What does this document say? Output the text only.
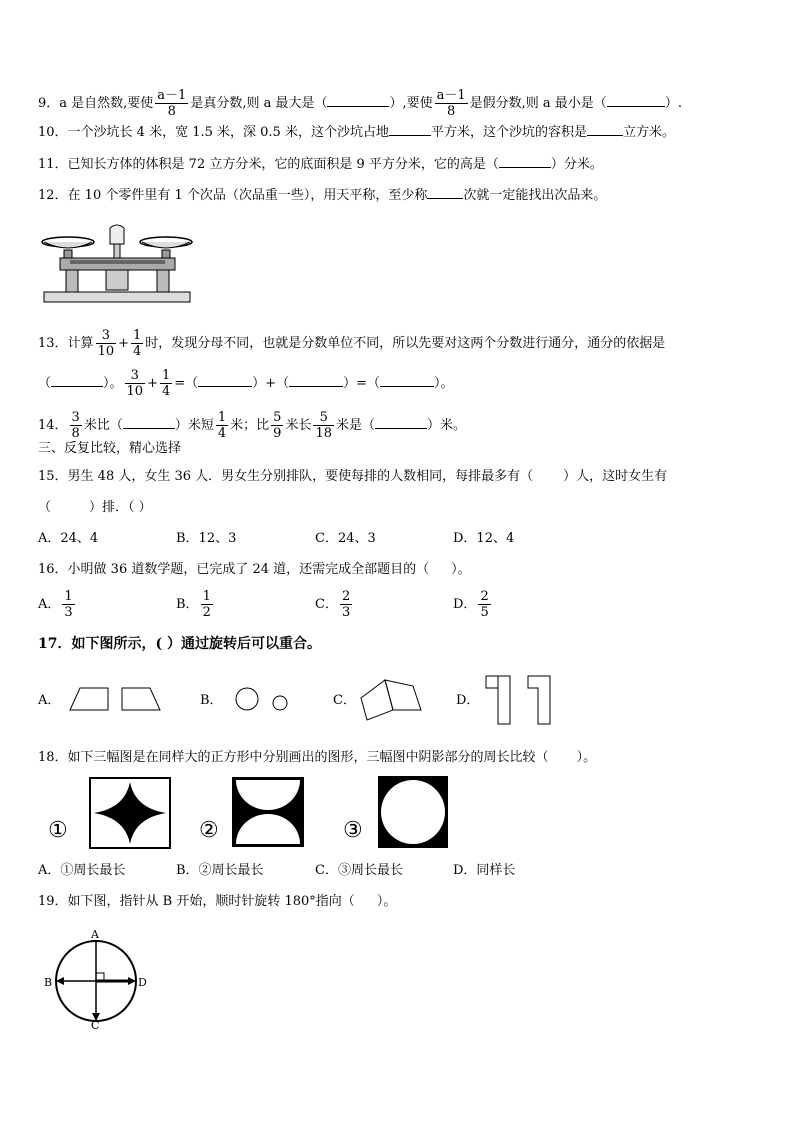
9．a 是自然数,要使 $\frac{a-1}{8}$ 是真分数,则 a 最大是（	）,要使 $\frac{a-1}{8}$ 是假分数,则 a 最小是（	）.
10．一个沙坑长 4 米，宽 1.5 米，深 0.5 米，这个沙坑占地	平方米，这个沙坑的容积是	立方米。
11．已知长方体的体积是 72 立方分米，它的底面积是 9 平方分米，它的高是（	）分米。
12．在 10 个零件里有 1 个次品（次品重一些），用天平称，至少称	次就一定能找出次品来。
13．计算 $\frac{3}{10} + \frac{1}{4}$ 时，发现分母不同，也就是分数单位不同，所以先要对这两个分数进行通分，通分的依据是
（	）。 $\frac{3}{10} + \frac{1}{4}$ =（	）+（	）=（	）。
14． $\frac{3}{8}$ 米比（	）米短 $\frac{1}{4}$ 米；比 $\frac{5}{9}$ 米长 $\frac{5}{18}$ 米是（	）米。
三、反复比较，精心选择
15．男生 48 人，女生 36 人．男女生分别排队，要使每排的人数相同，每排最多有（ ）人，这时女生有
（	）排．（ ）
A．24、4	B．12、3	C．24、3	D．12、4
16．小明做 36 道数学题，已完成了 24 道，还需完成全部题目的（ ）。
A． $\frac{1}{3}$	B． $\frac{1}{2}$	C． $\frac{2}{3}$	D． $\frac{2}{5}$
17．如下图所示，( ）通过旋转后可以重合。
A．	B．	C．	D．
18．如下三幅图是在同样大的正方形中分别画出的图形，三幅图中阴影部分的周长比较（ ）。
①	②	③
A．①周长最长	B．②周长最长	C．③周长最长	D．同样长
19．如下图，指针从 B 开始，顺时针旋转 180°指向（ ）。
A
B	D
C
